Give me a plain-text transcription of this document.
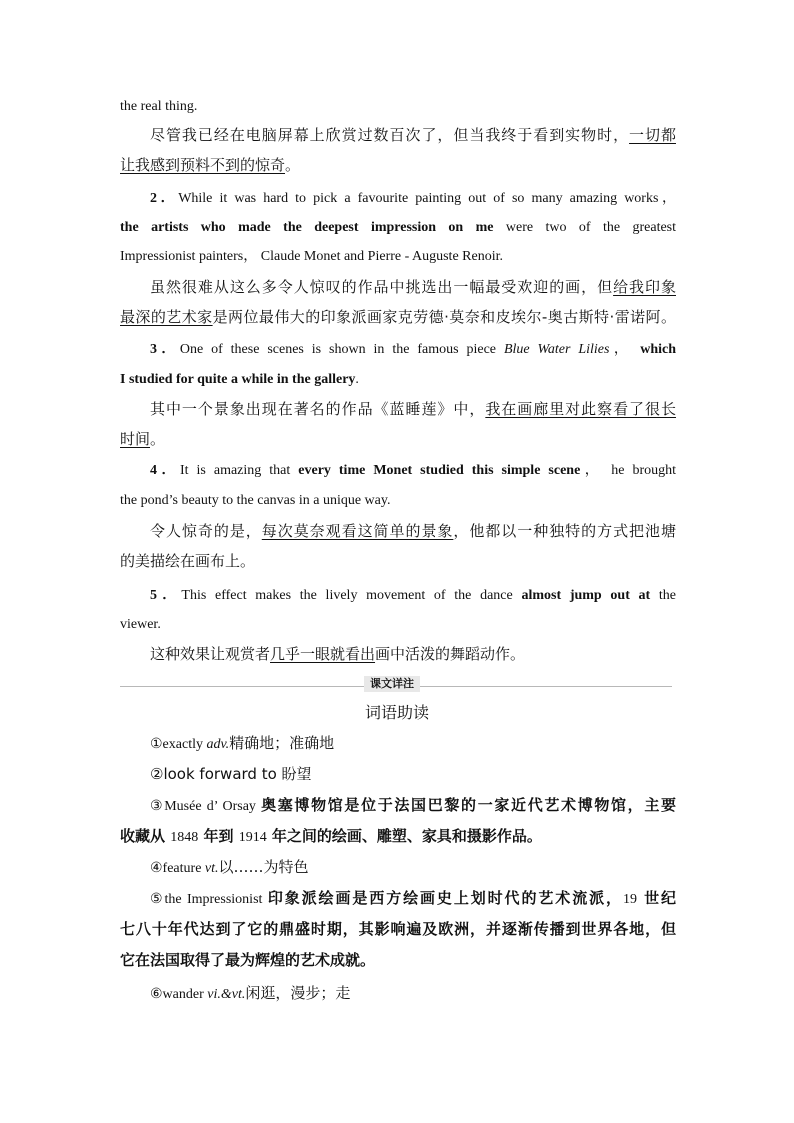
the real thing.
尽管我已经在电脑屏幕上欣赏过数百次了，但当我终于看到实物时，一切都
让我感到预料不到的惊奇。
2．While it was hard to pick a favourite painting out of so many amazing works，
the artists who made the deepest impression on me were two of the greatest
Impressionist painters， Claude Monet and Pierre - Auguste Renoir.
虽然很难从这么多令人惊叹的作品中挑选出一幅最受欢迎的画，但给我印象
最深的艺术家是两位最伟大的印象派画家克劳德·莫奈和皮埃尔-奥古斯特·雷诺阿。
3．One of these scenes is shown in the famous piece Blue Water Lilies， which
I studied for quite a while in the gallery.
其中一个景象出现在著名的作品《蓝睡莲》中，我在画廊里对此察看了很长
时间。
4．It is amazing that every time Monet studied this simple scene， he brought
the pond’s beauty to the canvas in a unique way.
令人惊奇的是，每次莫奈观看这简单的景象，他都以一种独特的方式把池塘
的美描绘在画布上。
5．This effect makes the lively movement of the dance almost jump out at the
viewer.
这种效果让观赏者几乎一眼就看出画中活泼的舞蹈动作。
课文详注
词语助读
①exactly adv.精确地；准确地
②look forward to 盼望
③Musée d’ Orsay 奥塞博物馆是位于法国巴黎的一家近代艺术博物馆，主要
收藏从 1848 年到 1914 年之间的绘画、雕塑、家具和摄影作品。
④feature vt.以……为特色
⑤the Impressionist 印象派绘画是西方绘画史上划时代的艺术流派，19 世纪
七八十年代达到了它的鼎盛时期，其影响遍及欧洲，并逐渐传播到世界各地，但
它在法国取得了最为辉煌的艺术成就。
⑥wander vi.&vt.闲逛，漫步；走
